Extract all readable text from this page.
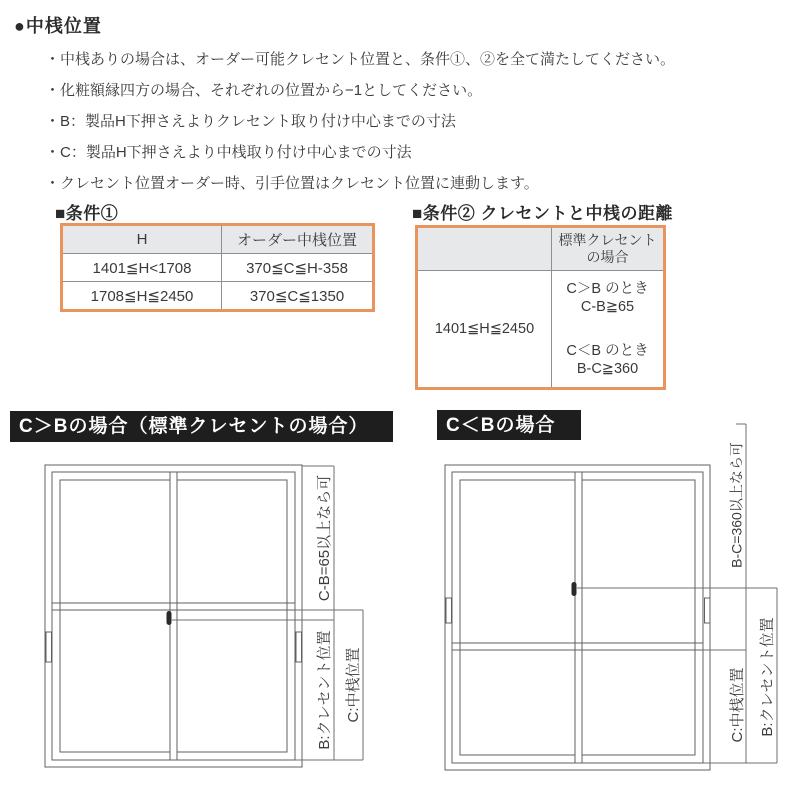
●中桟位置
・中桟ありの場合は、オーダー可能クレセント位置と、条件①、②を全て満たしてください。
・化粧額縁四方の場合、それぞれの位置から−1としてください。
・B：製品H下押さえよりクレセント取り付け中心までの寸法
・C：製品H下押さえより中桟取り付け中心までの寸法
・クレセント位置オーダー時、引手位置はクレセント位置に連動します。
■条件①
H	オーダー中桟位置
1401≦H<1708	370≦C≦H-358
1708≦H≦2450	370≦C≦1350
■条件② クレセントと中桟の距離

	標準クレセント
の場合

1401≦H≦2450	C＞B のとき
C-B≧65
C＜B のとき
B-C≧360
C＞Bの場合（標準クレセントの場合）	C＜Bの場合
C-B=65以上なら可
B:クレセント位置 C:中桟位置
B-C=360以上なら可
C:中桟位置 B:クレセント位置
